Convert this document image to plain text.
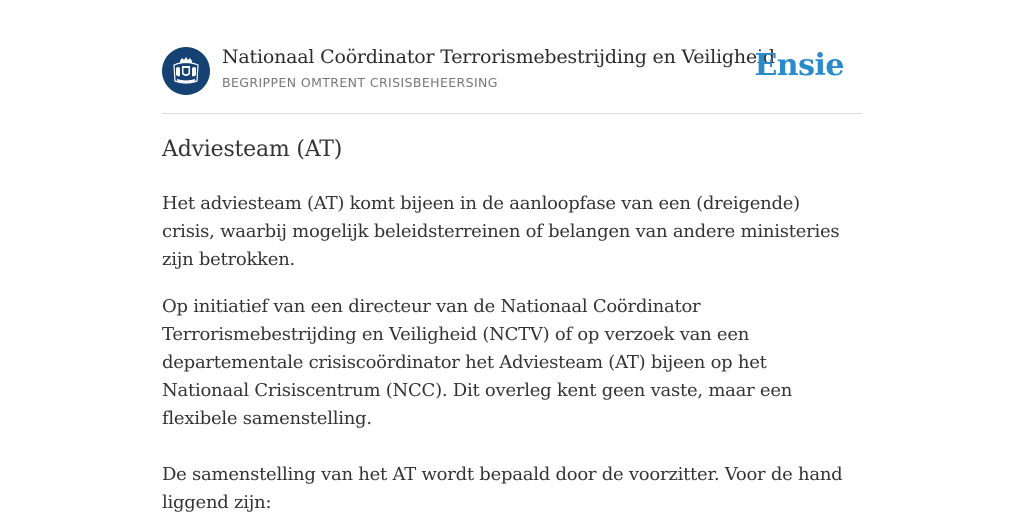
Nationaal Coördinator Terrorismebestrijding en Veiligheid
BEGRIPPEN OMTRENT CRISISBEHEERSING	Ensie
Adviesteam (AT)

Het adviesteam (AT) komt bijeen in de aanloopfase van een (dreigende) crisis, waarbij mogelijk beleidsterreinen of belangen van andere ministeries zijn betrokken.

Op initiatief van een directeur van de Nationaal Coördinator Terrorismebestrijding en Veiligheid (NCTV) of op verzoek van een departementale crisiscoördinator het Adviesteam (AT) bijeen op het Nationaal Crisiscentrum (NCC). Dit overleg kent geen vaste, maar een flexibele samenstelling.

De samenstelling van het AT wordt bepaald door de voorzitter. Voor de hand liggend zijn:
